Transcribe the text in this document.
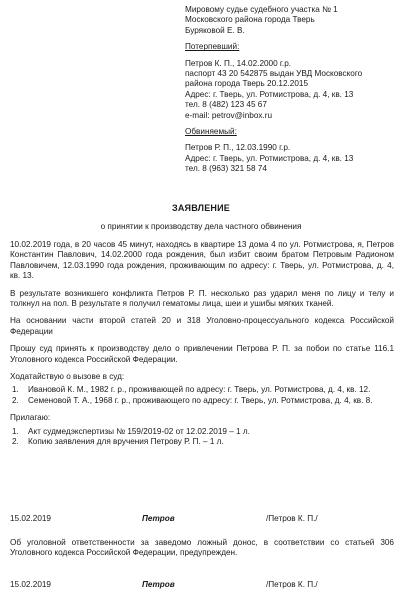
Мировому судье судебного участка № 1

Московского района города Тверь

Буряковой Е. В.

Потерпевший:

Петров К. П., 14.02.2000 г.р.

паспорт 43 20 542875 выдан УВД Московского

района города Тверь 20.12.2015

Адрес: г. Тверь, ул. Ротмистрова, д. 4, кв. 13

тел. 8 (482) 123 45 67

e-mail: petrov@inbox.ru

Обвиняемый:

Петров Р. П., 12.03.1990 г.р.

Адрес: г. Тверь, ул. Ротмистрова, д. 4, кв. 13

тел. 8 (963) 321 58 74

ЗАЯВЛЕНИЕ
о принятии к производству дела частного обвинения

10.02.2019 года, в 20 часов 45 минут, находясь в квартире 13 дома 4 по ул. Ротмистрова, я, Петров Константин Павлович, 14.02.2000 года рождения, был избит своим братом Петровым Радионом Павловичем, 12.03.1990 года рождения, проживающим по адресу: г. Тверь, ул. Ротмистрова, д. 4, кв. 13.

В результате возникшего конфликта Петров Р. П. несколько раз ударил меня по лицу и телу и толкнул на пол. В результате я получил гематомы лица, шеи и ушибы мягких тканей.

На основании части второй статей 20 и 318 Уголовно-процессуального кодекса Российской Федерации

Прошу суд принять к производству дело о привлечении Петрова Р. П. за побои по статье 116.1 Уголовного кодекса Российской Федерации.

Ходатайствую о вызове в суд:

1.	Ивановой К. М., 1982 г. р., проживающей по адресу: г. Тверь, ул. Ротмистрова, д. 4, кв. 12.
2.	Семеновой Т. А., 1968 г. р., проживающего по адресу: г. Тверь, ул. Ротмистрова, д. 4, кв. 8.

Прилагаю:

1.	Акт судмедэкспертизы № 159/2019-02 от 12.02.2019 – 1 л.
2.	Копию заявления для вручения Петрову Р. П. – 1 л.
15.02.2019	Петров	/Петров К. П./
Об уголовной ответственности за заведомо ложный донос, в соответствии со статьей 306 Уголовного кодекса Российской Федерации, предупрежден.
15.02.2019	Петров	/Петров К. П./
